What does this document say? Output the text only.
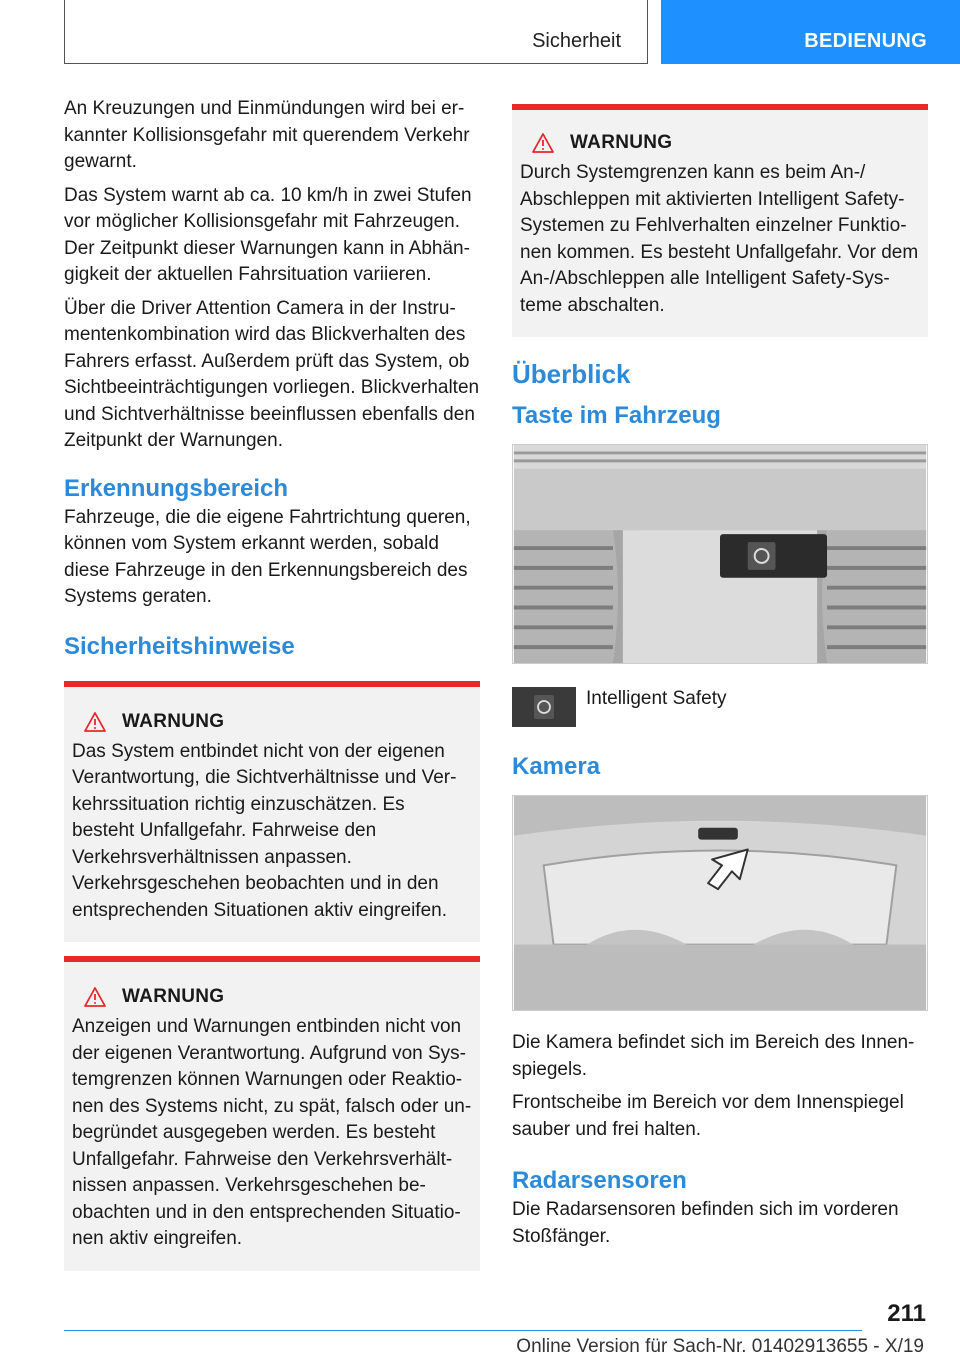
Sicherheit	BEDIENUNG

An Kreuzungen und Einmündungen wird bei erkannter Kollisionsgefahr mit querendem Verkehr gewarnt.

Das System warnt ab ca. 10 km/h in zwei Stufen vor möglicher Kollisionsgefahr mit Fahrzeugen. Der Zeitpunkt dieser Warnungen kann in Abhängigkeit der aktuellen Fahrsituation variieren.

Über die Driver Attention Camera in der Instrumentenkombination wird das Blickverhalten des Fahrers erfasst. Außerdem prüft das System, ob Sichtbeeinträchtigungen vorliegen. Blickverhalten und Sichtverhältnisse beeinflussen ebenfalls den Zeitpunkt der Warnungen.

Erkennungsbereich

Fahrzeuge, die die eigene Fahrtrichtung queren, können vom System erkannt werden, sobald diese Fahrzeuge in den Erkennungsbereich des Systems geraten.

Sicherheitshinweise
WARNUNG

Das System entbindet nicht von der eigenen Verantwortung, die Sichtverhältnisse und Verkehrssituation richtig einzuschätzen. Es besteht Unfallgefahr. Fahrweise den Verkehrsverhältnissen anpassen. Verkehrsgeschehen beobachten und in den entsprechenden Situationen aktiv eingreifen.

WARNUNG

Anzeigen und Warnungen entbinden nicht von der eigenen Verantwortung. Aufgrund von Systemgrenzen können Warnungen oder Reaktionen des Systems nicht, zu spät, falsch oder unbegründet ausgegeben werden. Es besteht Unfallgefahr. Fahrweise den Verkehrsverhältnissen anpassen. Verkehrsgeschehen beobachten und in den entsprechenden Situationen aktiv eingreifen.

WARNUNG

Durch Systemgrenzen kann es beim An-/ Abschleppen mit aktivierten Intelligent Safety-Systemen zu Fehlverhalten einzelner Funktionen kommen. Es besteht Unfallgefahr. Vor dem An-/Abschleppen alle Intelligent Safety-Systeme abschalten.

Überblick
Taste im Fahrzeug
Intelligent Safety
Kamera

Die Kamera befindet sich im Bereich des Innenspiegels.

Frontscheibe im Bereich vor dem Innenspiegel sauber und frei halten.

Radarsensoren

Die Radarsensoren befinden sich im vorderen Stoßfänger.

211
Online Version für Sach-Nr. 01402913655 - X/19
